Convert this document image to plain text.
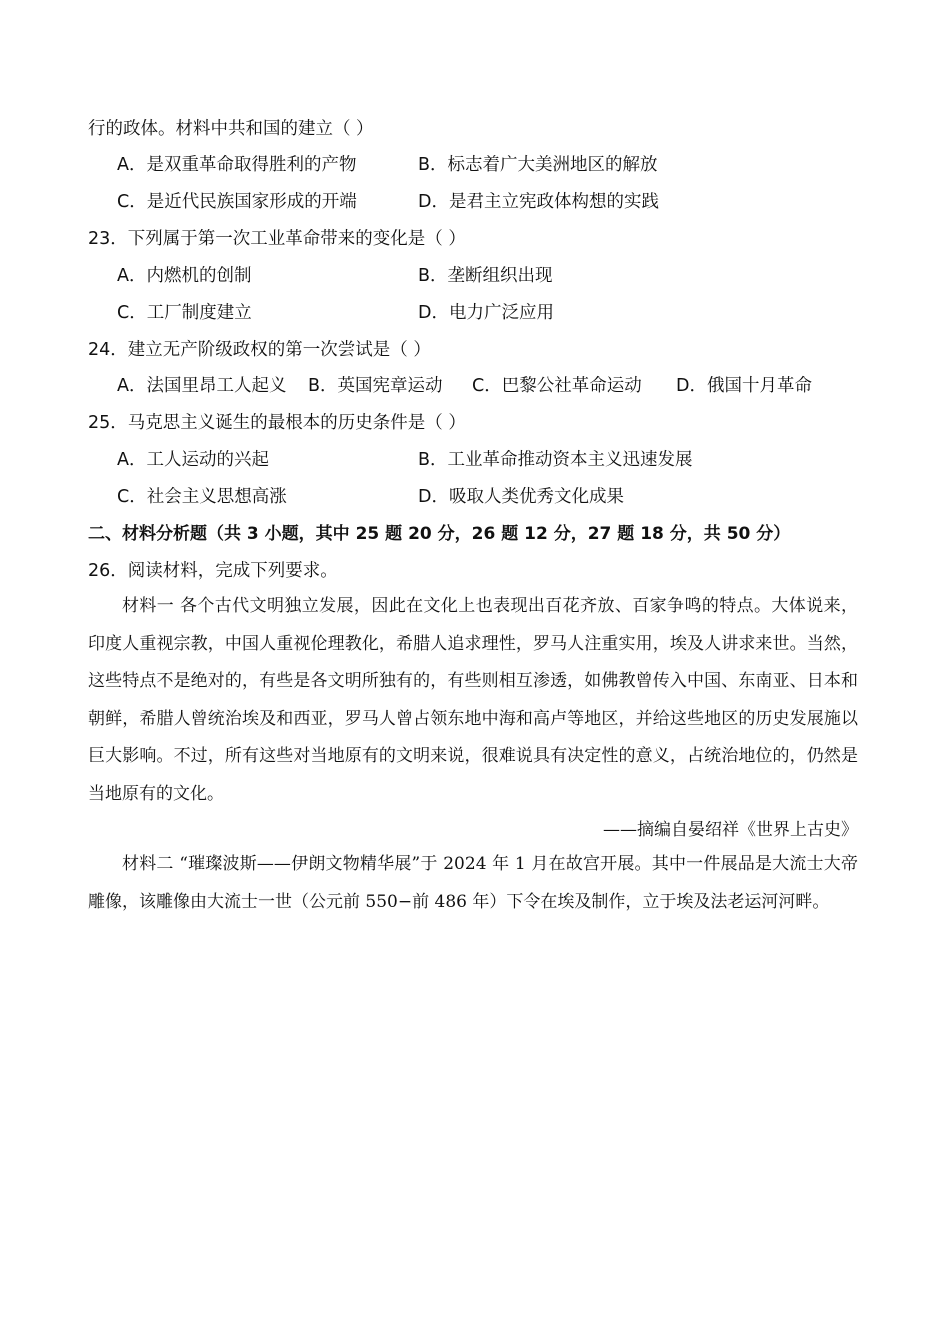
行的政体。材料中共和国的建立（ ）
A．是双重革命取得胜利的产物	B．标志着广大美洲地区的解放
C．是近代民族国家形成的开端	D．是君主立宪政体构想的实践
23．下列属于第一次工业革命带来的变化是（ ）
A．内燃机的创制	B．垄断组织出现
C．工厂制度建立	D．电力广泛应用
24．建立无产阶级政权的第一次尝试是（ ）
A．法国里昂工人起义 B．英国宪章运动 C．巴黎公社革命运动 D．俄国十月革命
25．马克思主义诞生的最根本的历史条件是（ ）
A．工人运动的兴起	B．工业革命推动资本主义迅速发展
C．社会主义思想高涨	D．吸取人类优秀文化成果
二、材料分析题（共 3 小题，其中 25 题 20 分，26 题 12 分，27 题 18 分，共 50 分）
26．阅读材料，完成下列要求。
材料一 各个古代文明独立发展，因此在文化上也表现出百花齐放、百家争鸣的特点。大体说来，印度人重视宗教，中国人重视伦理教化，希腊人追求理性，罗马人注重实用，埃及人讲求来世。当然，这些特点不是绝对的，有些是各文明所独有的，有些则相互渗透，如佛教曾传入中国、东南亚、日本和朝鲜，希腊人曾统治埃及和西亚，罗马人曾占领东地中海和高卢等地区，并给这些地区的历史发展施以巨大影响。不过，所有这些对当地原有的文明来说，很难说具有决定性的意义，占统治地位的，仍然是当地原有的文化。
——摘编自晏绍祥《世界上古史》
材料二 “璀璨波斯——伊朗文物精华展”于 2024 年 1 月在故宫开展。其中一件展品是大流士大帝雕像，该雕像由大流士一世（公元前 550−前 486 年）下令在埃及制作，立于埃及法老运河河畔。
